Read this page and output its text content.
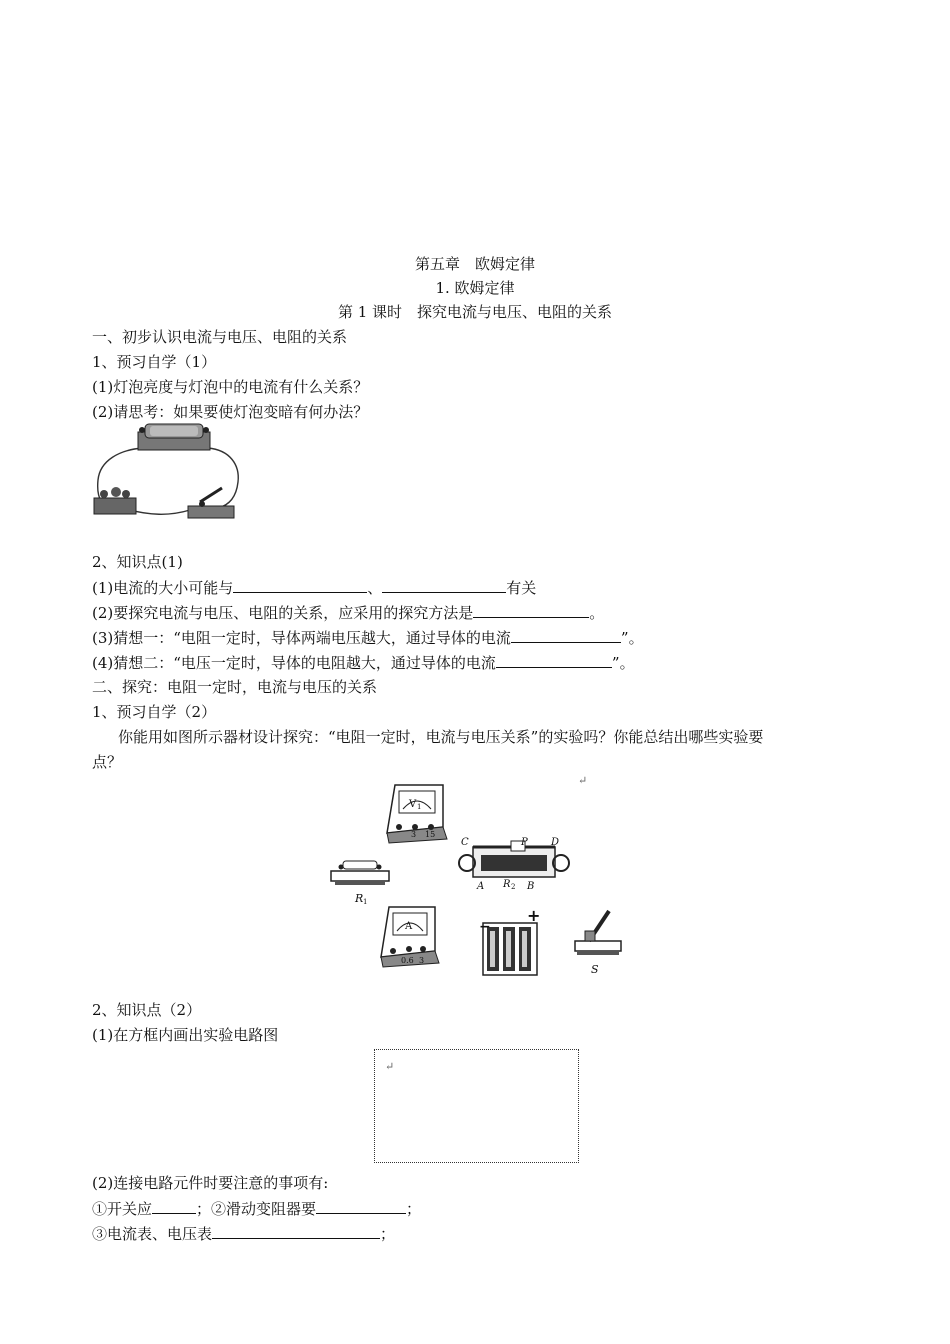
第五章　欧姆定律
1. 欧姆定律
第 1 课时　探究电流与电压、电阻的关系
一、初步认识电流与电压、电阻的关系
1、预习自学（1）
(1)灯泡亮度与灯泡中的电流有什么关系？
(2)请思考：如果要使灯泡变暗有何办法？
2、知识点(1)
(1)电流的大小可能与	、	有关
(2)要探究电流与电压、电阻的关系，应采用的探究方法是	。
(3)猜想一：“电阻一定时，导体两端电压越大，通过导体的电流	”。
(4)猜想二：“电压一定时，导体的电阻越大，通过导体的电流	”。
二、探究：电阻一定时，电流与电压的关系
1、预习自学（2）
你能用如图所示器材设计探究：“电阻一定时，电流与电压关系”的实验吗？你能总结出哪些实验要
点？
↵
V 1
3 15
R 1
C	D
P
A R 2 B
A
0.6 3
+
−
S
2、知识点（2）
(1)在方框内画出实验电路图
↵
(2)连接电路元件时要注意的事项有:
①开关应	；②滑动变阻器要	；
③电流表、电压表	；
